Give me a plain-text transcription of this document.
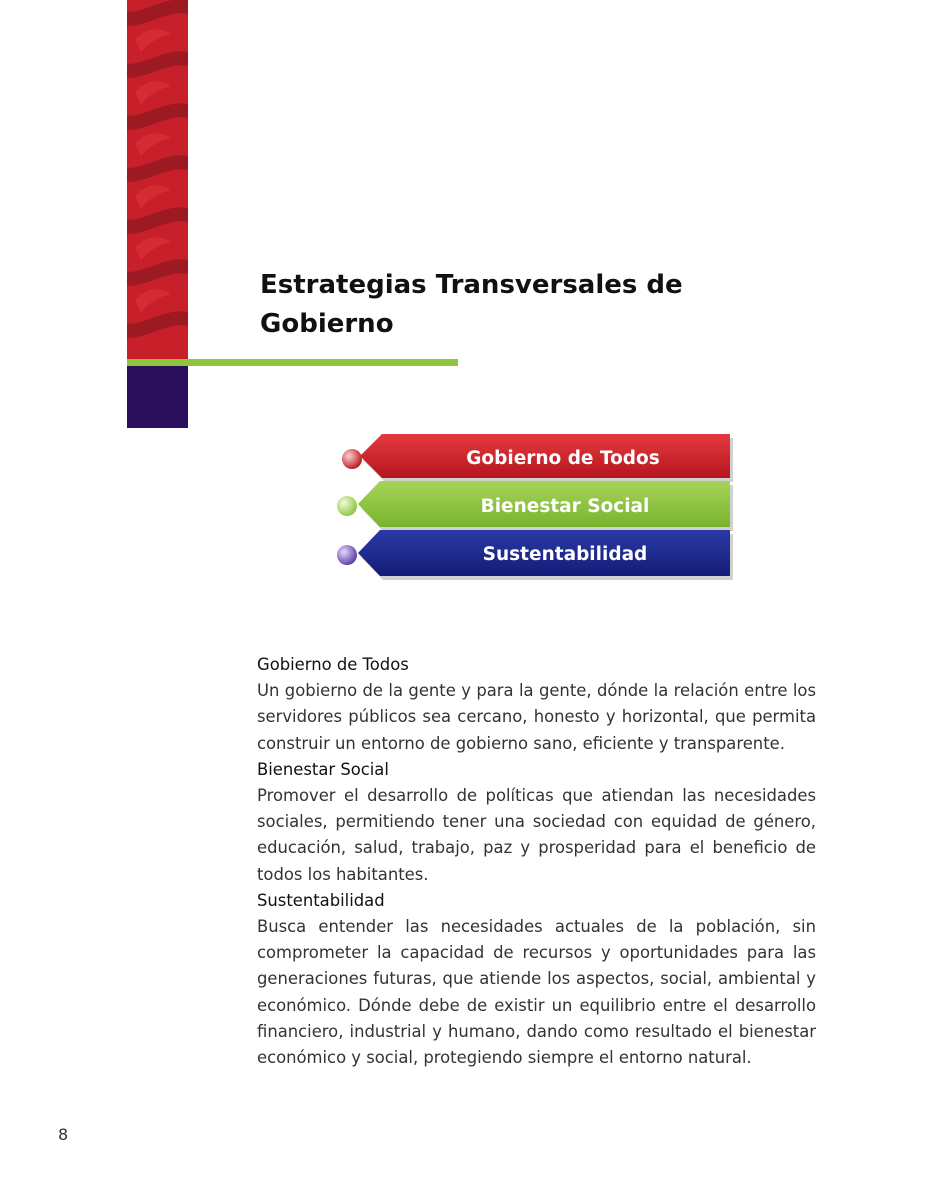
Estrategias Transversales de Gobierno
Gobierno de Todos
Bienestar Social
Sustentabilidad
Gobierno de Todos

Un gobierno de la gente y para la gente, dónde la relación entre los servidores públicos sea cercano, honesto y horizontal, que permita construir un entorno de gobierno sano, eficiente y transparente.

Bienestar Social

Promover el desarrollo de políticas que atiendan las necesidades sociales, permitiendo tener una sociedad con equidad de género, educación, salud, trabajo, paz y prosperidad para el beneficio de todos los habitantes.

Sustentabilidad

Busca entender las necesidades actuales de la población, sin comprometer la capacidad de recursos y oportunidades para las generaciones futuras, que atiende los aspectos, social, ambiental y económico. Dónde debe de existir un equilibrio entre el desarrollo financiero, industrial y humano, dando como resultado el bienestar económico y social, protegiendo siempre el entorno natural.

8
